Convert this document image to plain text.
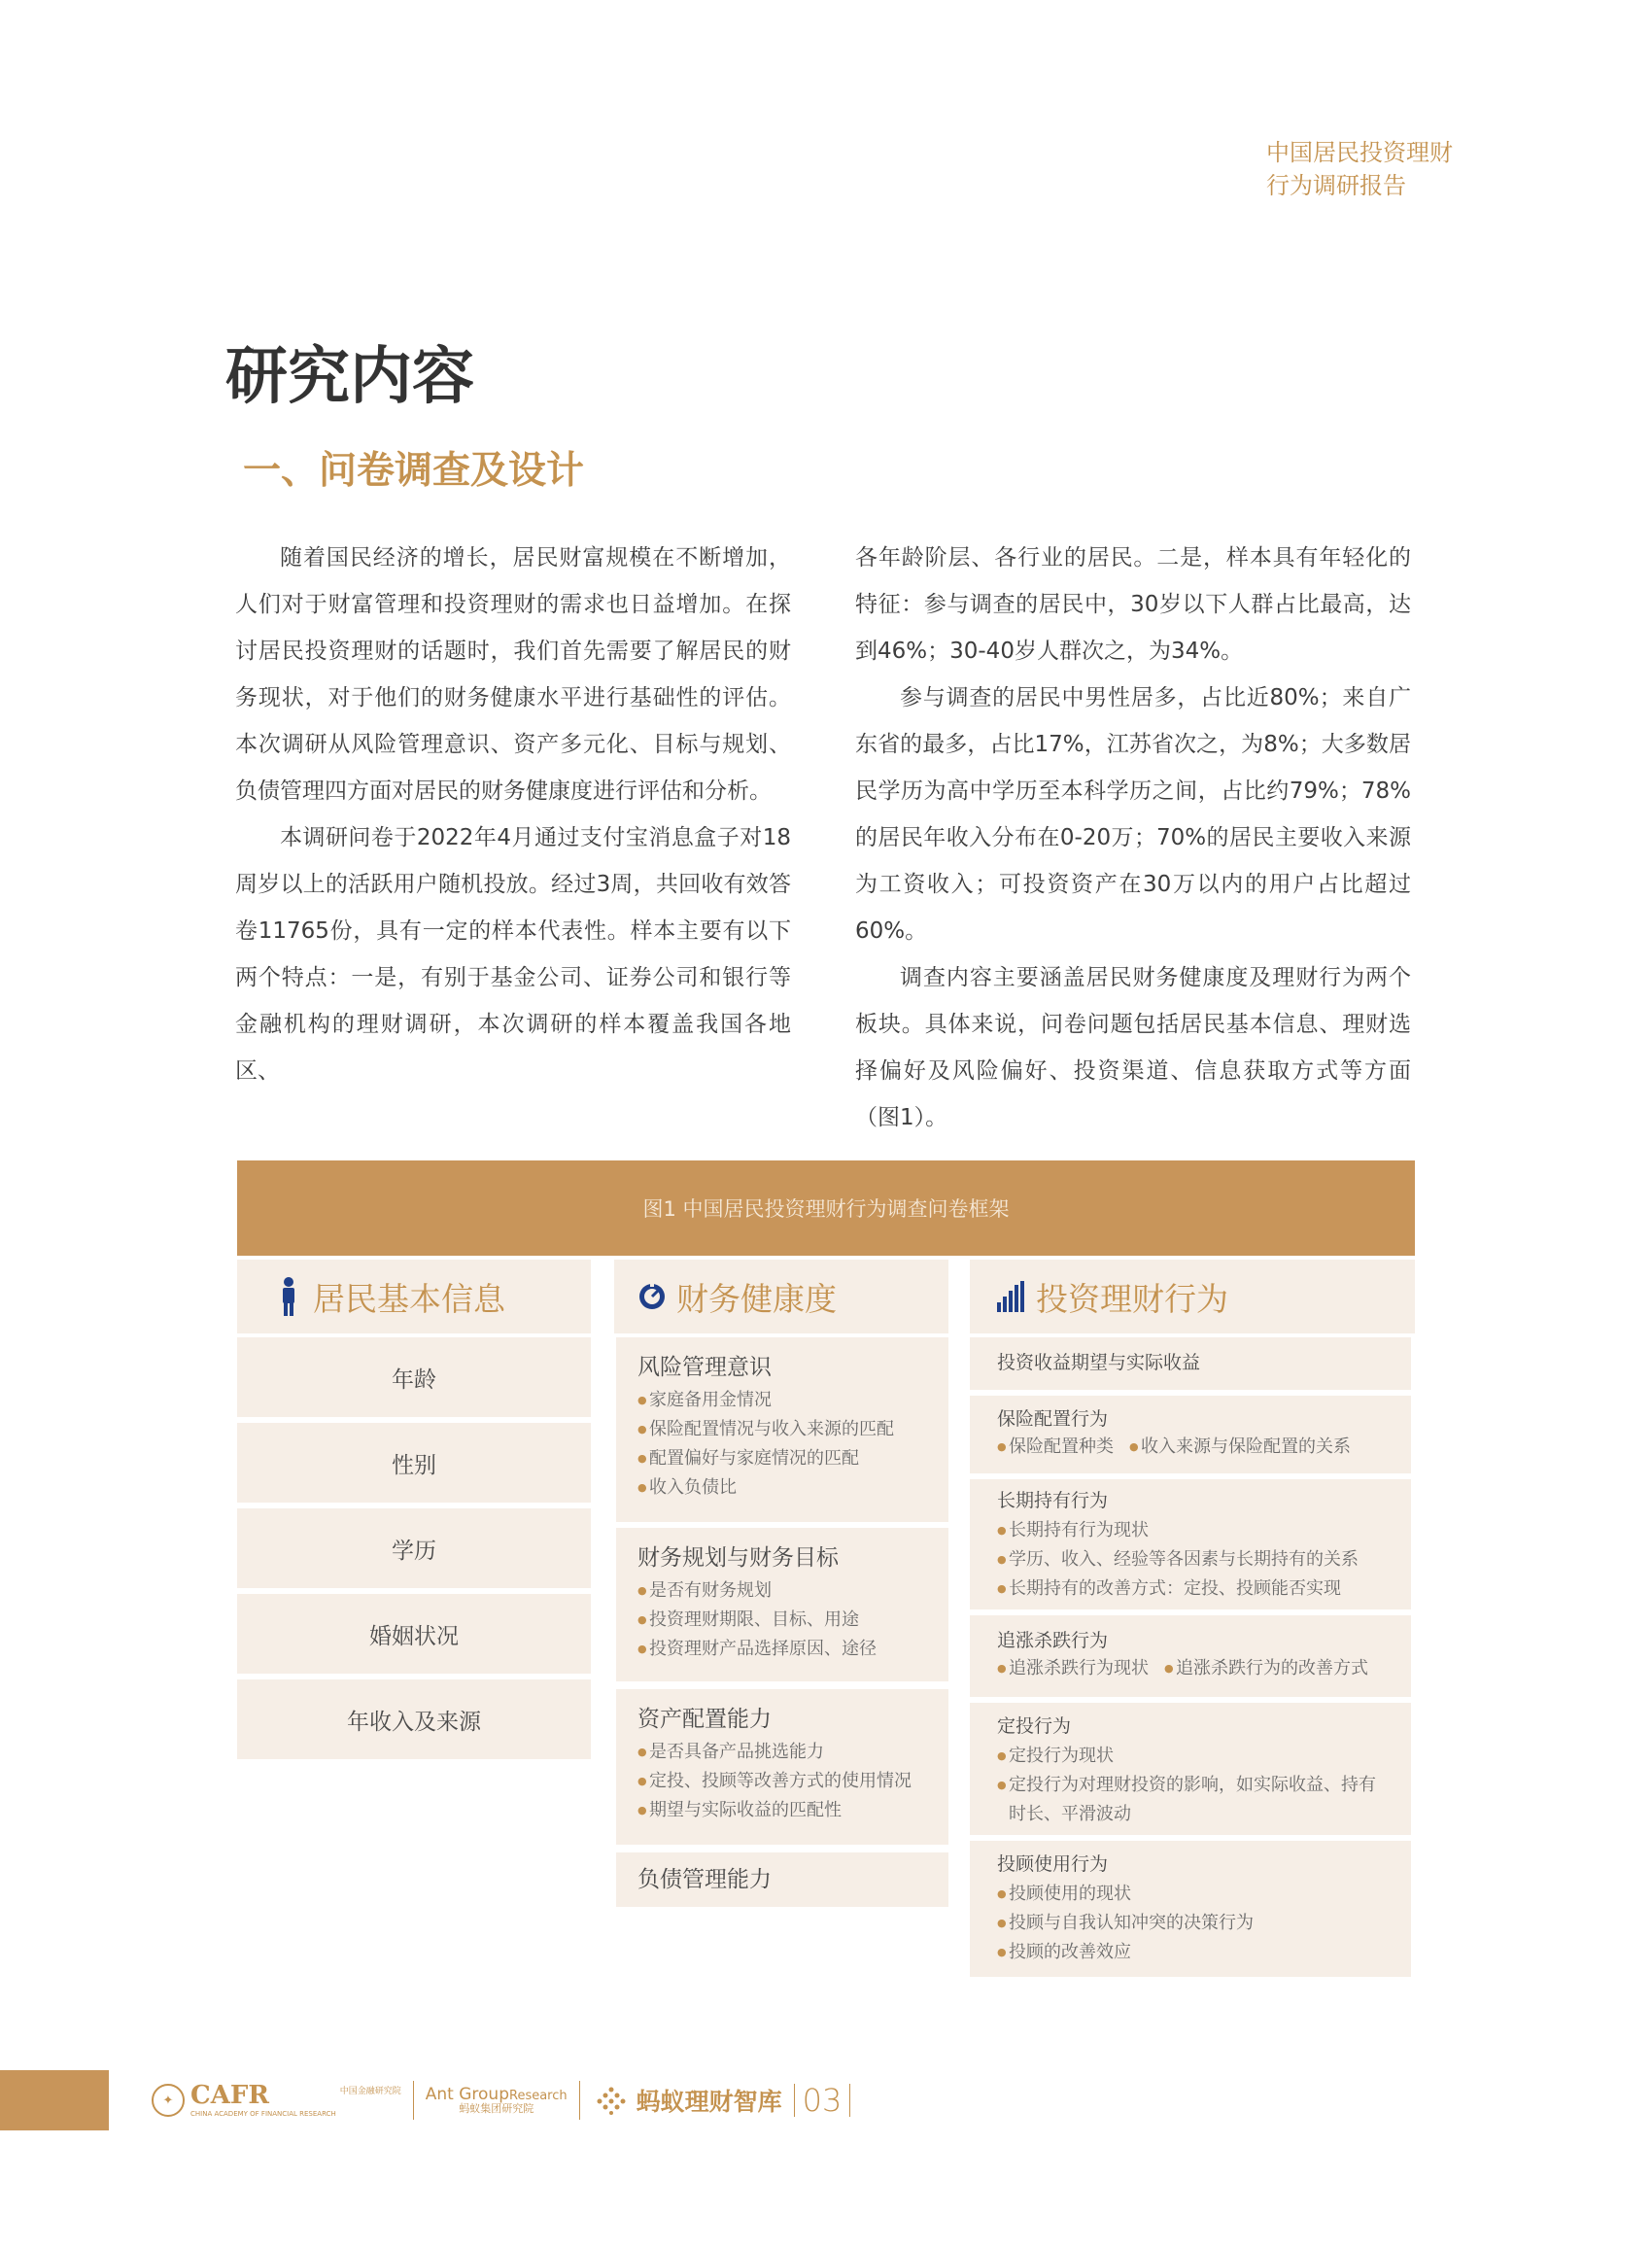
中国居民投资理财
行为调研报告
研究内容
一、问卷调查及设计

随着国民经济的增长，居民财富规模在不断增加，人们对于财富管理和投资理财的需求也日益增加。在探讨居民投资理财的话题时，我们首先需要了解居民的财务现状，对于他们的财务健康水平进行基础性的评估。本次调研从风险管理意识、资产多元化、目标与规划、负债管理四方面对居民的财务健康度进行评估和分析。

本调研问卷于2022年4月通过支付宝消息盒子对18周岁以上的活跃用户随机投放。经过3周，共回收有效答卷11765份，具有一定的样本代表性。样本主要有以下两个特点：一是，有别于基金公司、证券公司和银行等金融机构的理财调研，本次调研的样本覆盖我国各地区、

各年龄阶层、各行业的居民。二是，样本具有年轻化的特征：参与调查的居民中，30岁以下人群占比最高，达到46%；30-40岁人群次之，为34%。

参与调查的居民中男性居多，占比近80%；来自广东省的最多，占比17%，江苏省次之，为8%；大多数居民学历为高中学历至本科学历之间，占比约79%；78%的居民年收入分布在0-20万；70%的居民主要收入来源为工资收入；可投资资产在30万以内的用户占比超过60%。

调查内容主要涵盖居民财务健康度及理财行为两个板块。具体来说，问卷问题包括居民基本信息、理财选择偏好及风险偏好、投资渠道、信息获取方式等方面（图1）。

图1 中国居民投资理财行为调查问卷框架
居民基本信息	财务健康度	投资理财行为
年龄
性别
学历
婚姻状况
年收入及来源
风险管理意识
● 家庭备用金情况
● 保险配置情况与收入来源的匹配
● 配置偏好与家庭情况的匹配
● 收入负债比
财务规划与财务目标
● 是否有财务规划
● 投资理财期限、目标、用途
● 投资理财产品选择原因、途径
资产配置能力
● 是否具备产品挑选能力
● 定投、投顾等改善方式的使用情况
● 期望与实际收益的匹配性
负债管理能力
投资收益期望与实际收益
保险配置行为
● 保险配置种类	● 收入来源与保险配置的关系
长期持有行为
● 长期持有行为现状
● 学历、收入、经验等各因素与长期持有的关系
● 长期持有的改善方式：定投、投顾能否实现
追涨杀跌行为
● 追涨杀跌行为现状	● 追涨杀跌行为的改善方式
定投行为
● 定投行为现状
● 定投行为对理财投资的影响，如实际收益、持有时长、平滑波动
投顾使用行为
● 投顾使用的现状
● 投顾与自我认知冲突的决策行为
● 投顾的改善效应
✦ CAFR
CHINA ACADEMY OF FINANCIAL RESEARCH
中国金融研究院 Ant GroupResearch
蚂蚁集团研究院	蚂蚁理财智库 03
